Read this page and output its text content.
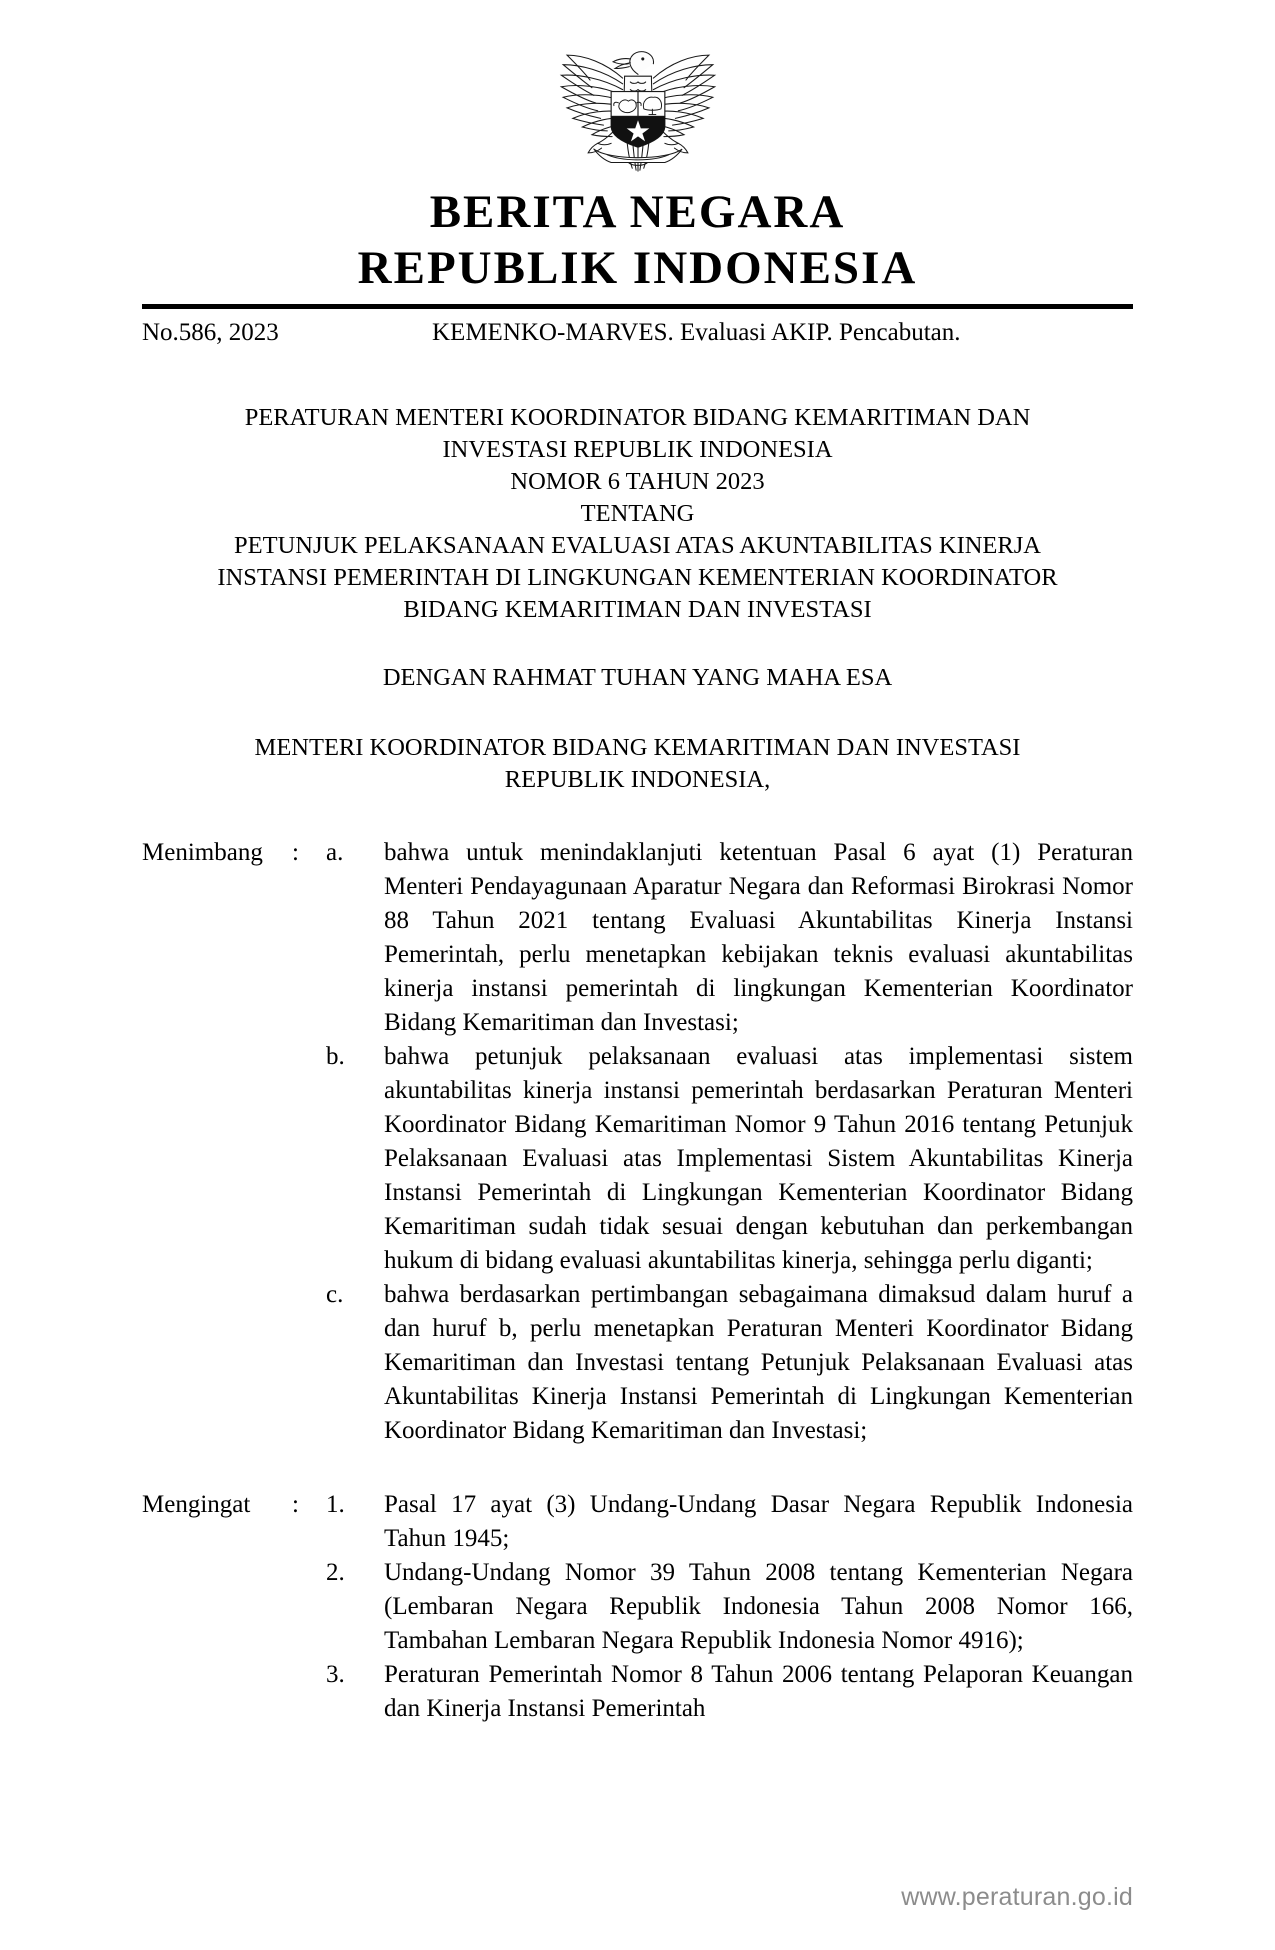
BERITA NEGARA
REPUBLIK INDONESIA
No.586, 2023	KEMENKO-MARVES. Evaluasi AKIP. Pencabutan.
PERATURAN MENTERI KOORDINATOR BIDANG KEMARITIMAN DAN
INVESTASI REPUBLIK INDONESIA
NOMOR 6 TAHUN 2023
TENTANG
PETUNJUK PELAKSANAAN EVALUASI ATAS AKUNTABILITAS KINERJA
INSTANSI PEMERINTAH DI LINGKUNGAN KEMENTERIAN KOORDINATOR
BIDANG KEMARITIMAN DAN INVESTASI
DENGAN RAHMAT TUHAN YANG MAHA ESA
MENTERI KOORDINATOR BIDANG KEMARITIMAN DAN INVESTASI
REPUBLIK INDONESIA,
Menimbang	:	a.	bahwa untuk menindaklanjuti ketentuan Pasal 6 ayat (1) Peraturan Menteri Pendayagunaan Aparatur Negara dan Reformasi Birokrasi Nomor 88 Tahun 2021 tentang Evaluasi Akuntabilitas Kinerja Instansi Pemerintah, perlu menetapkan kebijakan teknis evaluasi akuntabilitas kinerja instansi pemerintah di lingkungan Kementerian Koordinator Bidang Kemaritiman dan Investasi;
b.	bahwa petunjuk pelaksanaan evaluasi atas implementasi sistem akuntabilitas kinerja instansi pemerintah berdasarkan Peraturan Menteri Koordinator Bidang Kemaritiman Nomor 9 Tahun 2016 tentang Petunjuk Pelaksanaan Evaluasi atas Implementasi Sistem Akuntabilitas Kinerja Instansi Pemerintah di Lingkungan Kementerian Koordinator Bidang Kemaritiman sudah tidak sesuai dengan kebutuhan dan perkembangan hukum di bidang evaluasi akuntabilitas kinerja, sehingga perlu diganti;
c.	bahwa berdasarkan pertimbangan sebagaimana dimaksud dalam huruf a dan huruf b, perlu menetapkan Peraturan Menteri Koordinator Bidang Kemaritiman dan Investasi tentang Petunjuk Pelaksanaan Evaluasi atas Akuntabilitas Kinerja Instansi Pemerintah di Lingkungan Kementerian Koordinator Bidang Kemaritiman dan Investasi;
Mengingat	:	1.	Pasal 17 ayat (3) Undang-Undang Dasar Negara Republik Indonesia Tahun 1945;
2.	Undang-Undang Nomor 39 Tahun 2008 tentang Kementerian Negara (Lembaran Negara Republik Indonesia Tahun 2008 Nomor 166, Tambahan Lembaran Negara Republik Indonesia Nomor 4916);
3.	Peraturan Pemerintah Nomor 8 Tahun 2006 tentang Pelaporan Keuangan dan Kinerja Instansi Pemerintah
www.peraturan.go.id
